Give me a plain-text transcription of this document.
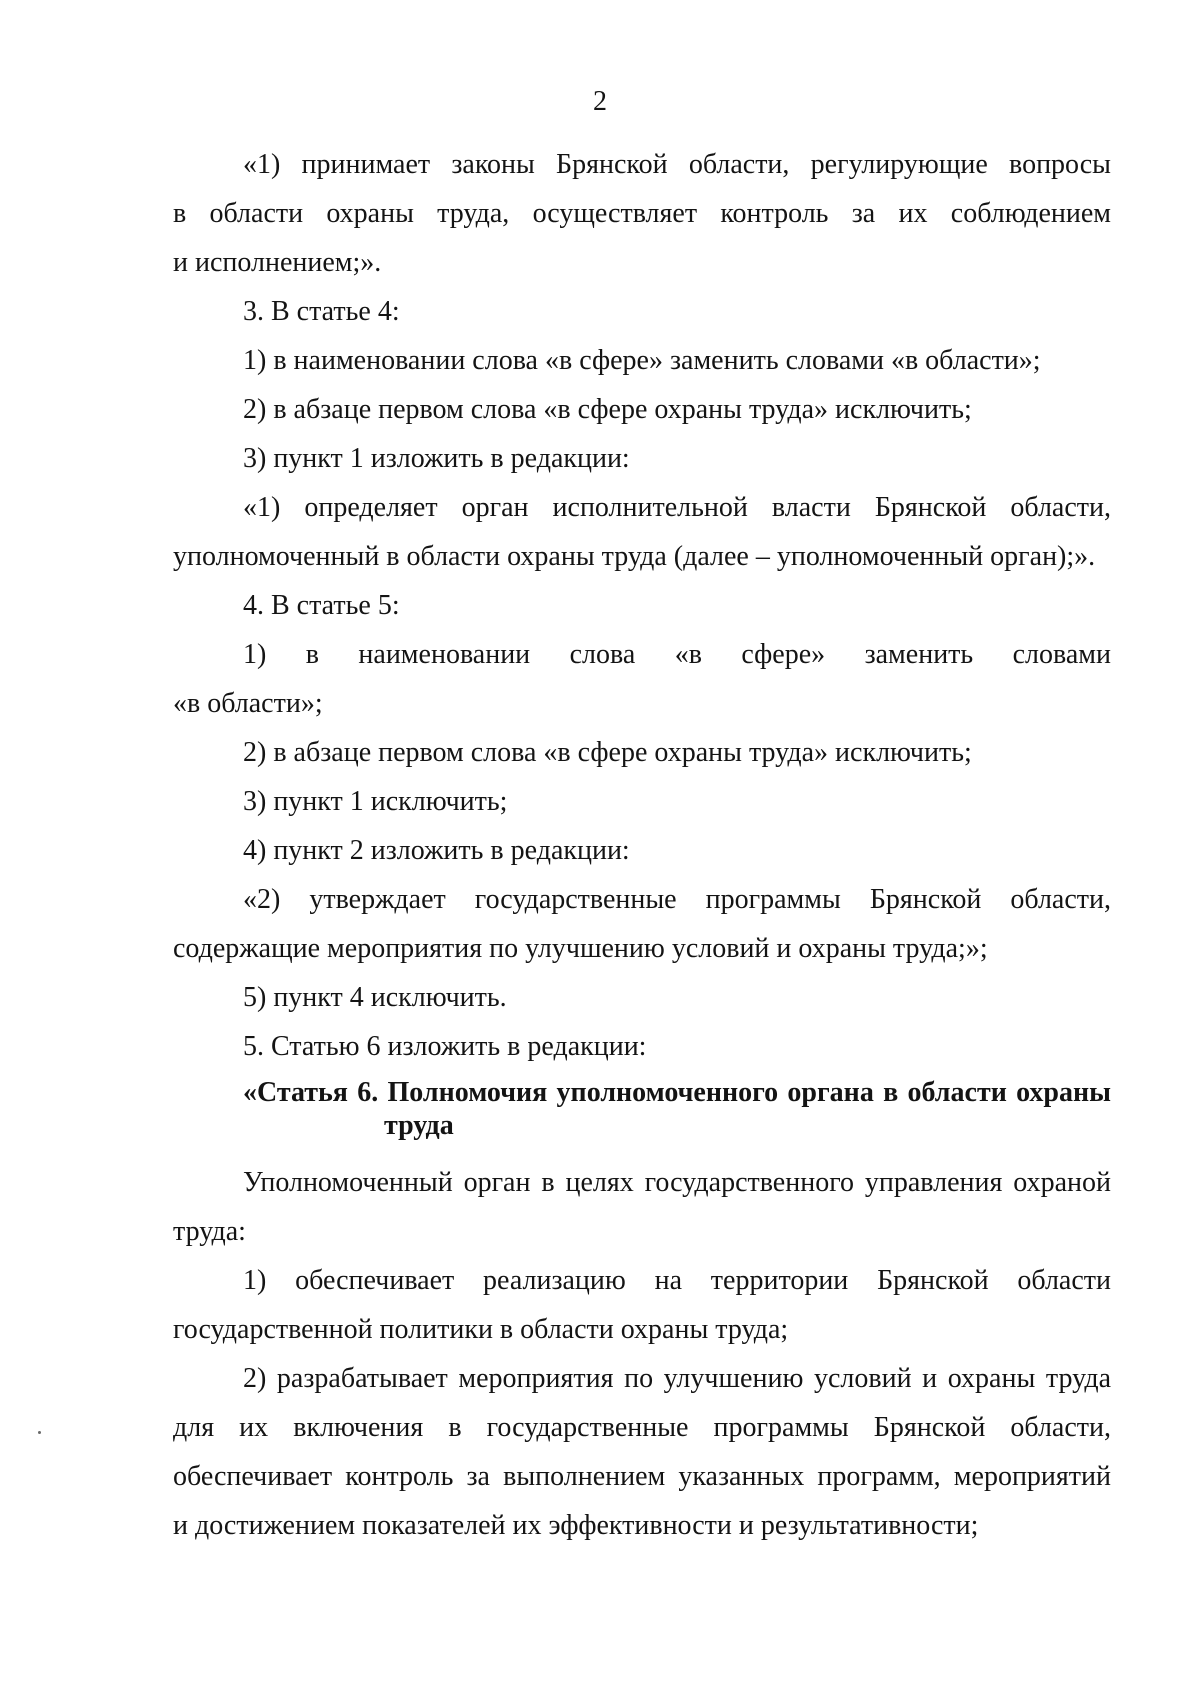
2
«1) принимает законы Брянской области, регулирующие вопросы
в области охраны труда, осуществляет контроль за их соблюдением
и исполнением;».
3. В статье 4:
1) в наименовании слова «в сфере» заменить словами «в области»;
2) в абзаце первом слова «в сфере охраны труда» исключить;
3) пункт 1 изложить в редакции:
«1) определяет орган исполнительной власти Брянской области,
уполномоченный в области охраны труда (далее – уполномоченный орган);».
4. В статье 5:
1) в наименовании слова «в сфере» заменить словами
«в области»;
2) в абзаце первом слова «в сфере охраны труда» исключить;
3) пункт 1 исключить;
4) пункт 2 изложить в редакции:
«2) утверждает государственные программы Брянской области,
содержащие мероприятия по улучшению условий и охраны труда;»;
5) пункт 4 исключить.
5. Статью 6 изложить в редакции:
«Статья 6. Полномочия уполномоченного органа в области охраны
труда
Уполномоченный орган в целях государственного управления охраной
труда:
1) обеспечивает реализацию на территории Брянской области
государственной политики в области охраны труда;
2) разрабатывает мероприятия по улучшению условий и охраны труда
для их включения в государственные программы Брянской области,
обеспечивает контроль за выполнением указанных программ, мероприятий
и достижением показателей их эффективности и результативности;
